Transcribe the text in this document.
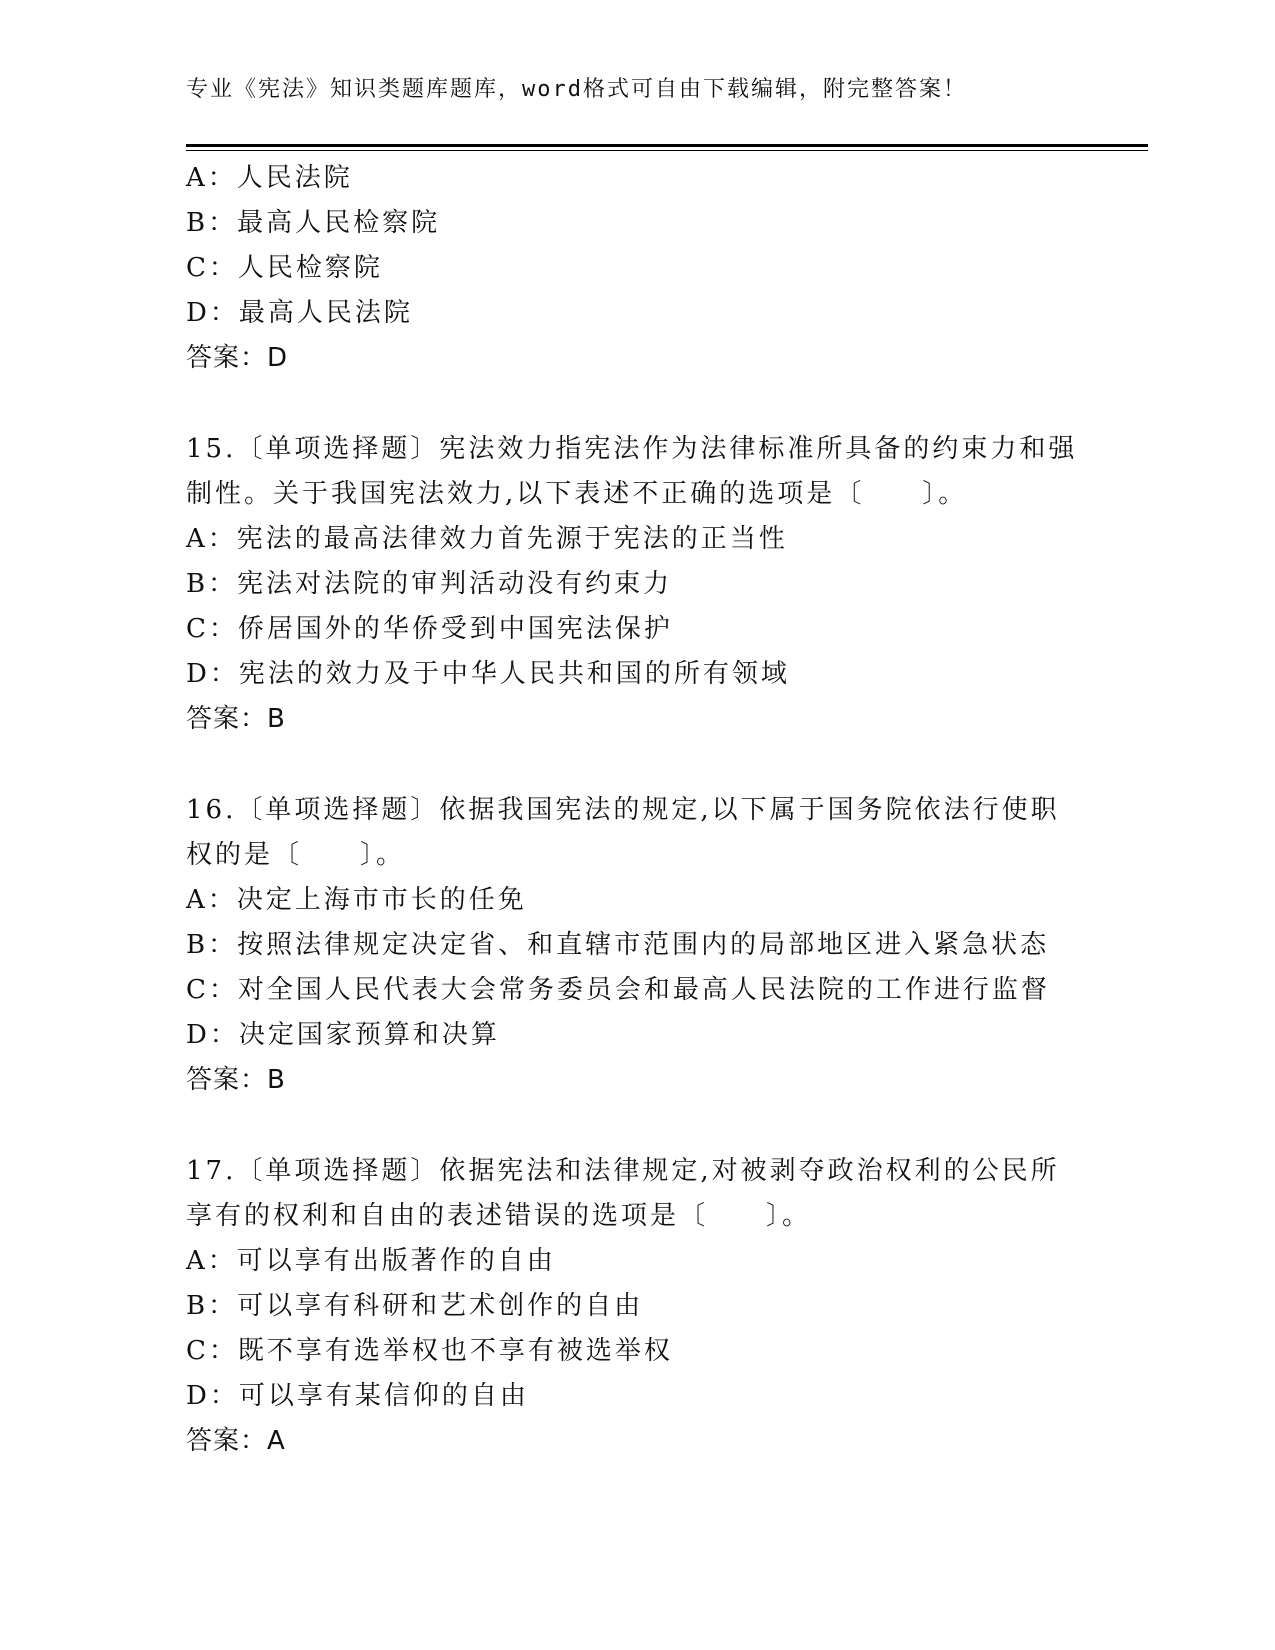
专业《宪法》知识类题库题库，word格式可自由下载编辑，附完整答案！
A：人民法院
B：最高人民检察院
C：人民检察院
D：最高人民法院
答案：D
15.〔单项选择题〕宪法效力指宪法作为法律标准所具备的约束力和强
制性。关于我国宪法效力,以下表述不正确的选项是〔　　〕。
A：宪法的最高法律效力首先源于宪法的正当性
B：宪法对法院的审判活动没有约束力
C：侨居国外的华侨受到中国宪法保护
D：宪法的效力及于中华人民共和国的所有领域
答案：B
16.〔单项选择题〕依据我国宪法的规定,以下属于国务院依法行使职
权的是〔　　〕。
A：决定上海市市长的任免
B：按照法律规定决定省、和直辖市范围内的局部地区进入紧急状态
C：对全国人民代表大会常务委员会和最高人民法院的工作进行监督
D：决定国家预算和决算
答案：B
17.〔单项选择题〕依据宪法和法律规定,对被剥夺政治权利的公民所
享有的权利和自由的表述错误的选项是〔　　〕。
A：可以享有出版著作的自由
B：可以享有科研和艺术创作的自由
C：既不享有选举权也不享有被选举权
D：可以享有某信仰的自由
答案：A
